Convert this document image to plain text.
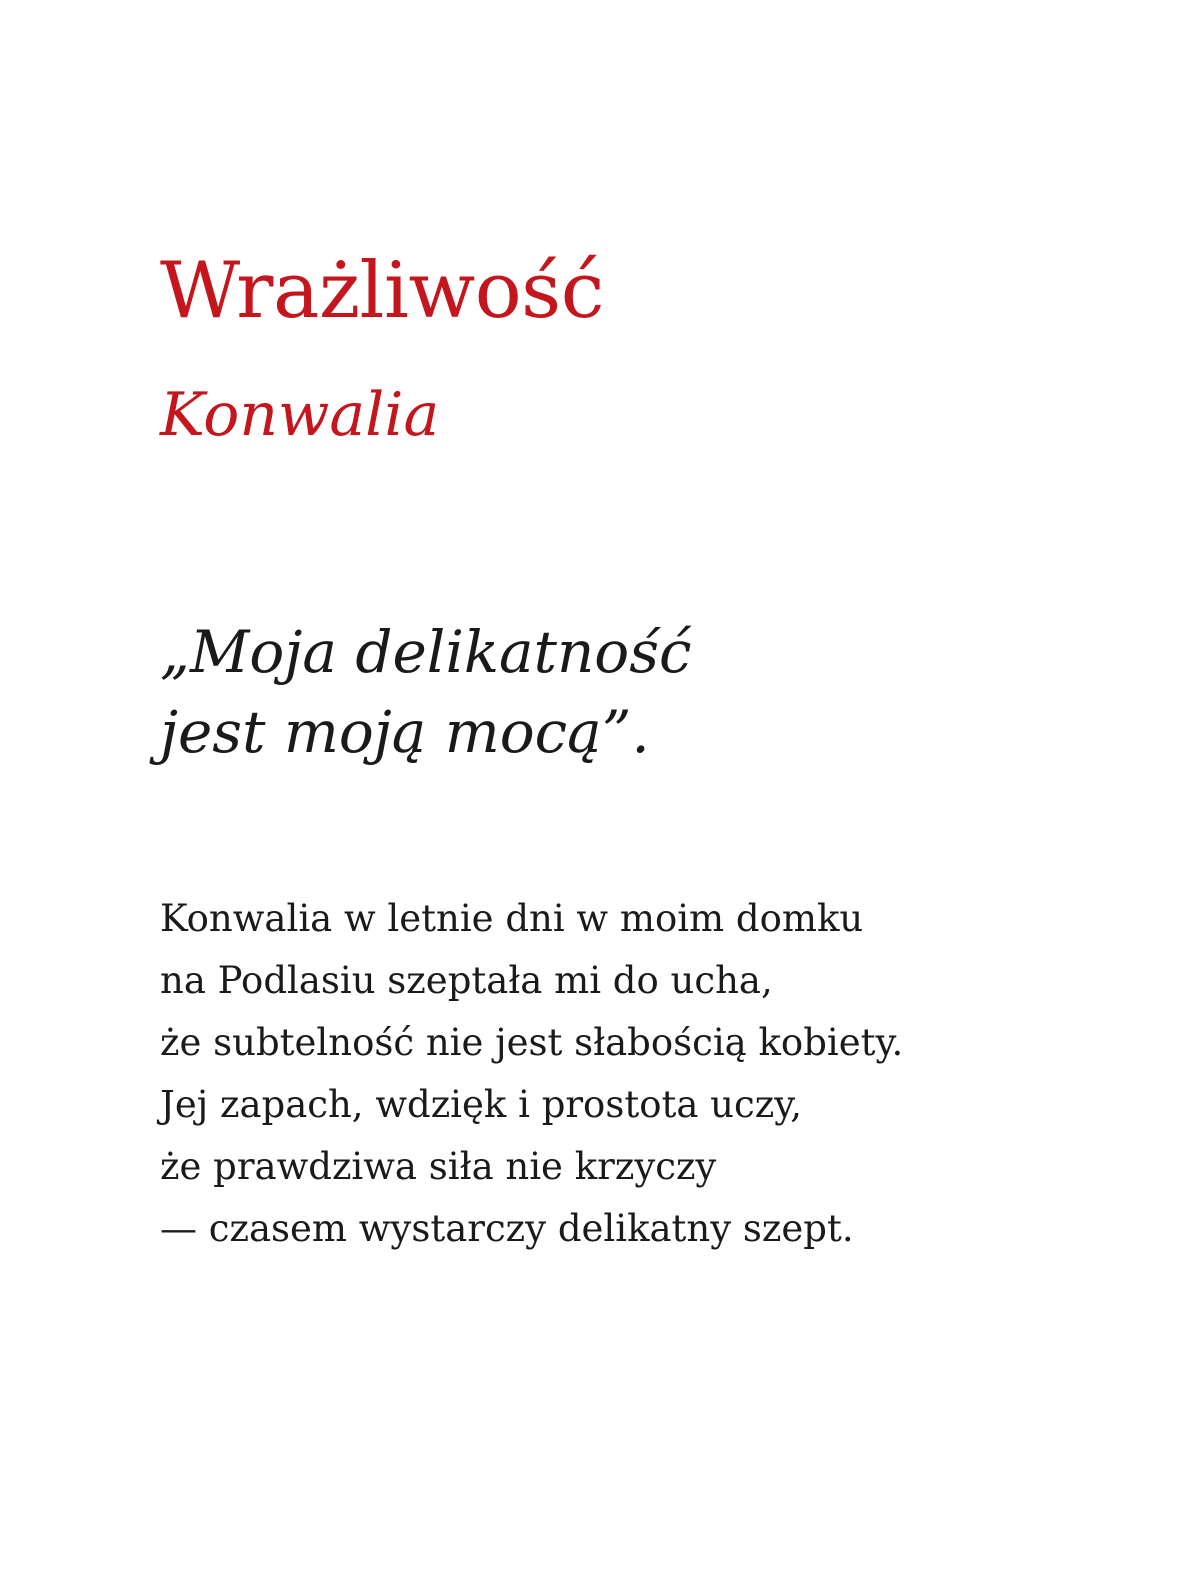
Wrażliwość
Konwalia

„Moja delikatność
jest moją mocą”.

Konwalia w letnie dni w moim domku
na Podlasiu szeptała mi do ucha,
że subtelność nie jest słabością kobiety.
Jej zapach, wdzięk i prostota uczy,
że prawdziwa siła nie krzyczy
— czasem wystarczy delikatny szept.
